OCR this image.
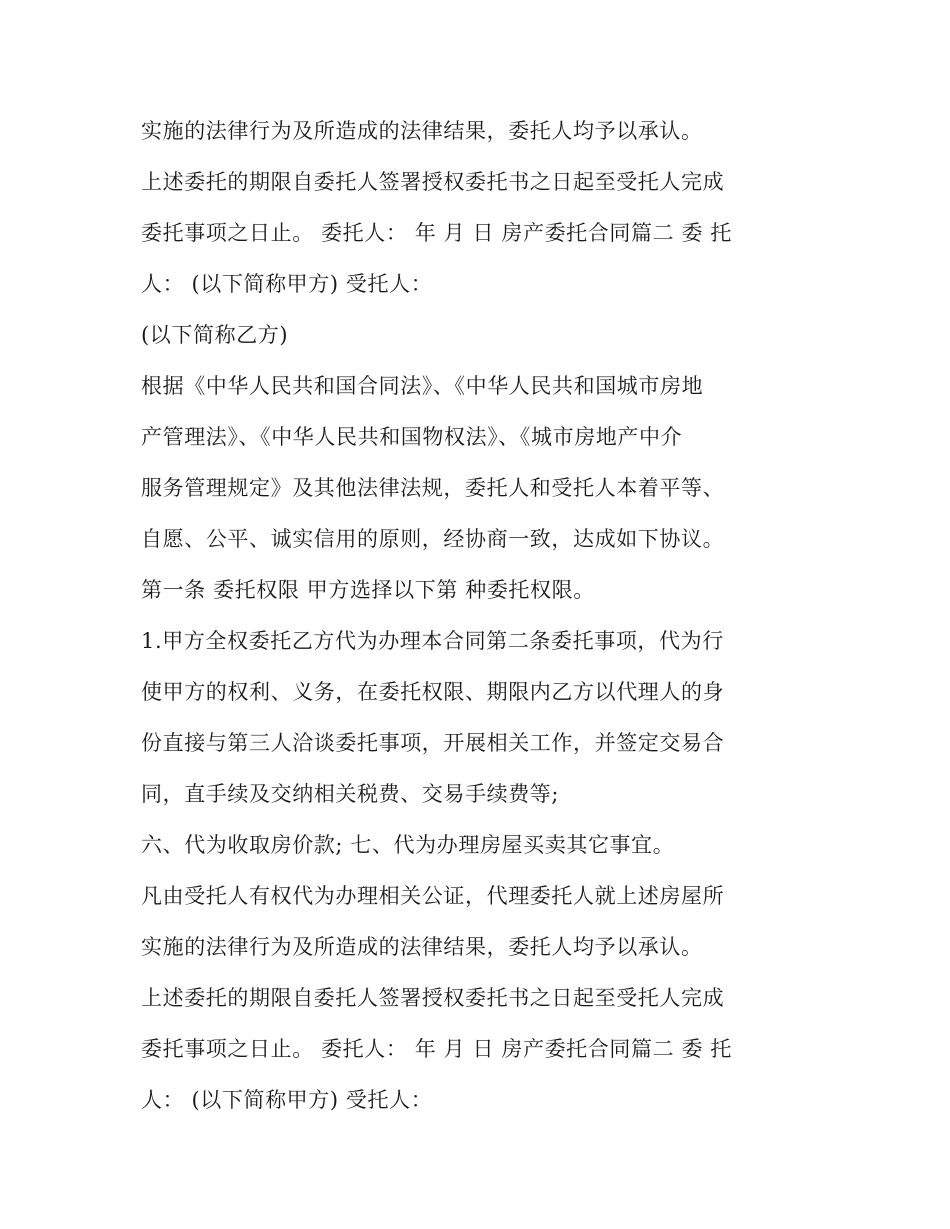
实施的法律行为及所造成的法律结果，委托人均予以承认。
上述委托的期限自委托人签署授权委托书之日起至受托人完成
委托事项之日止。 委托人： 年 月 日 房产委托合同篇二 委 托
人： (以下简称甲方) 受托人：
(以下简称乙方)
根据《中华人民共和国合同法》、《中华人民共和国城市房地
产管理法》、《中华人民共和国物权法》、《城市房地产中介
服务管理规定》及其他法律法规，委托人和受托人本着平等、
自愿、公平、诚实信用的原则，经协商一致，达成如下协议。
第一条 委托权限 甲方选择以下第 种委托权限。
1.甲方全权委托乙方代为办理本合同第二条委托事项，代为行
使甲方的权利、义务，在委托权限、期限内乙方以代理人的身
份直接与第三人洽谈委托事项，开展相关工作，并签定交易合
同，直手续及交纳相关税费、交易手续费等;
六、代为收取房价款; 七、代为办理房屋买卖其它事宜。
凡由受托人有权代为办理相关公证，代理委托人就上述房屋所
实施的法律行为及所造成的法律结果，委托人均予以承认。
上述委托的期限自委托人签署授权委托书之日起至受托人完成
委托事项之日止。 委托人： 年 月 日 房产委托合同篇二 委 托
人： (以下简称甲方) 受托人：
